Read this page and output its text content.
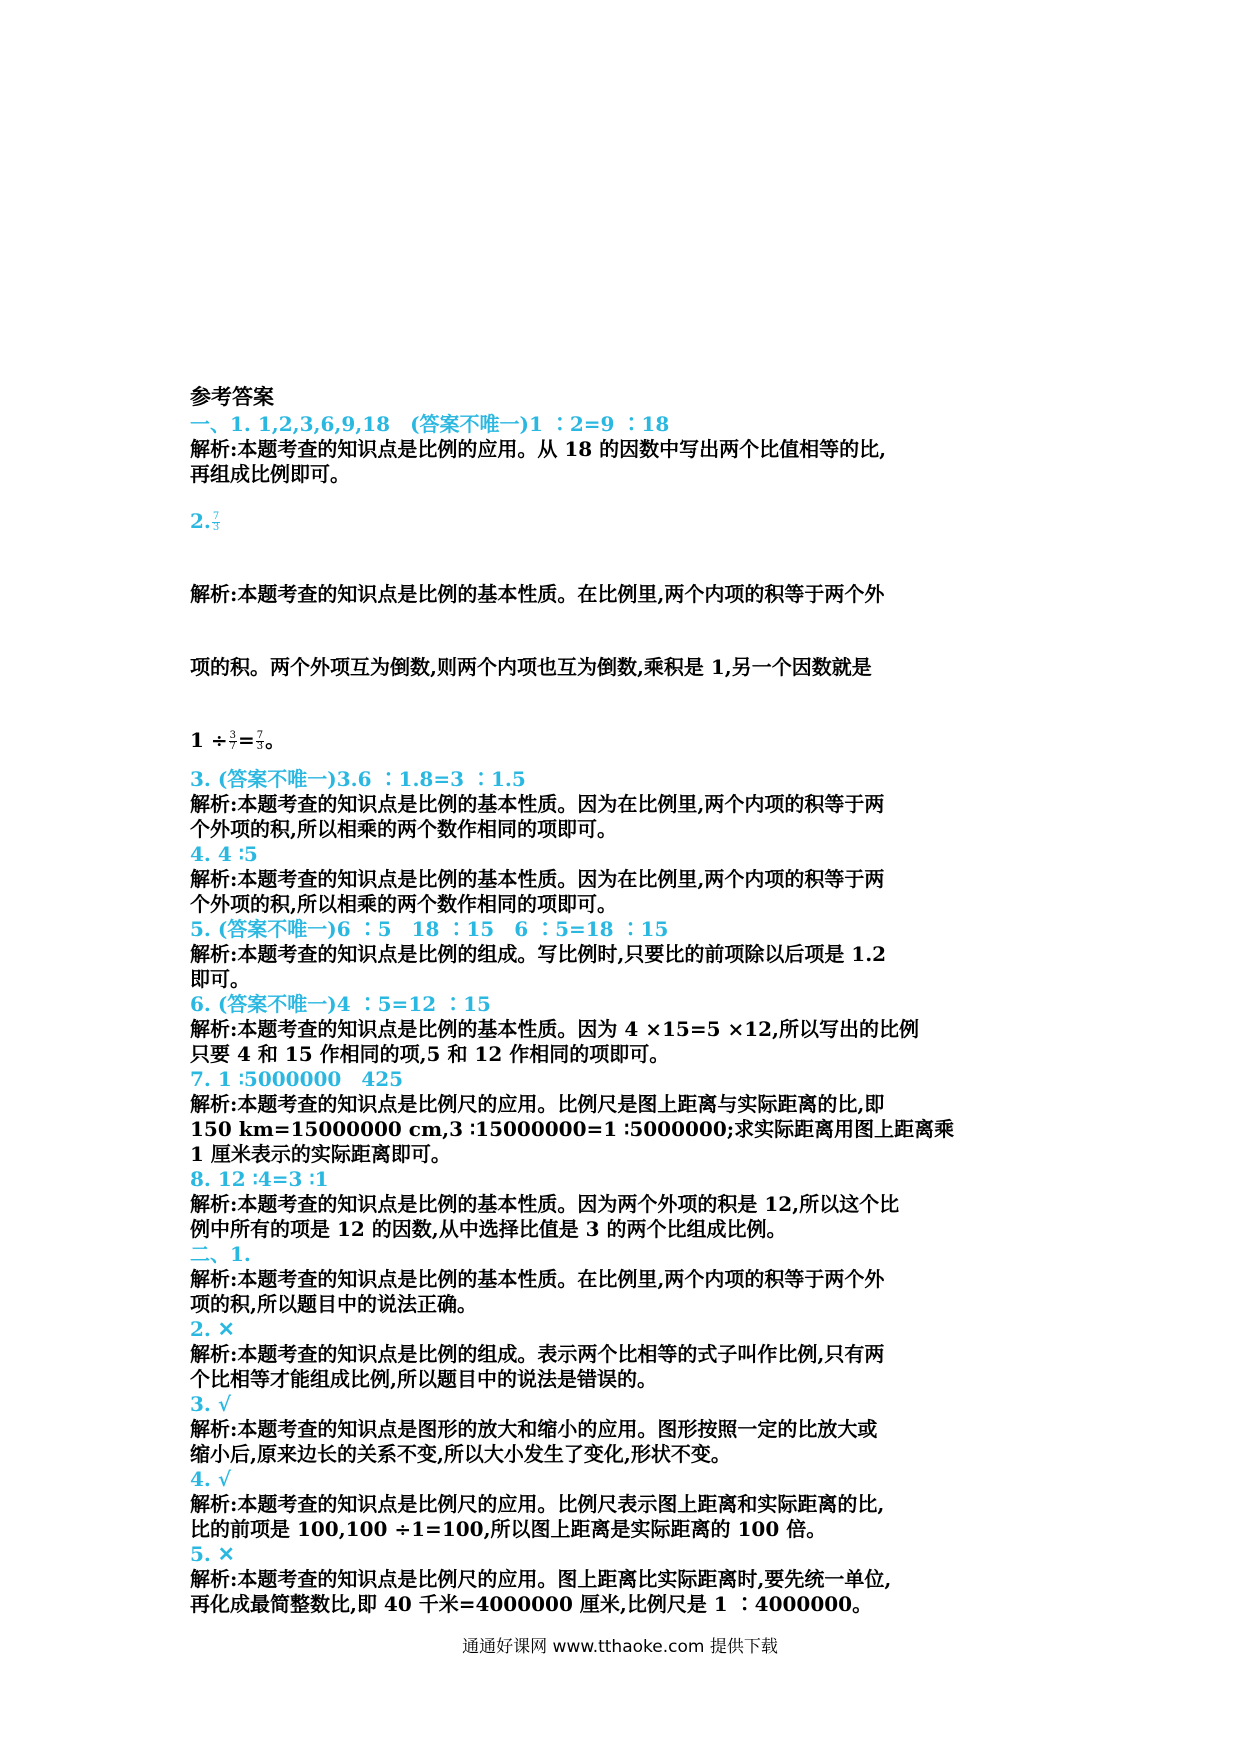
参考答案
一、1. 1,2,3,6,9,18　(答案不唯一)1 ∶2=9 ∶18
解析:本题考查的知识点是比例的应用。从 18 的因数中写出两个比值相等的比,
再组成比例即可。
2. $\frac{7}{3}$
解析:本题考查的知识点是比例的基本性质。在比例里,两个内项的积等于两个外
项的积。两个外项互为倒数,则两个内项也互为倒数,乘积是 1,另一个因数就是
$1 \div \frac{3}{7} = \frac{7}{3}$ 。
3. (答案不唯一)3.6 ∶1.8=3 ∶1.5
解析:本题考查的知识点是比例的基本性质。因为在比例里,两个内项的积等于两
个外项的积,所以相乘的两个数作相同的项即可。
4. 4 ∶5
解析:本题考查的知识点是比例的基本性质。因为在比例里,两个内项的积等于两
个外项的积,所以相乘的两个数作相同的项即可。
5. (答案不唯一)6 ∶5　18 ∶15　6 ∶5=18 ∶15
解析:本题考查的知识点是比例的组成。写比例时,只要比的前项除以后项是 1.2
即可。
6. (答案不唯一)4 ∶5=12 ∶15
解析:本题考查的知识点是比例的基本性质。因为 4 ×15=5 ×12,所以写出的比例
只要 4 和 15 作相同的项,5 和 12 作相同的项即可。
7. 1 ∶5000000　425
解析:本题考查的知识点是比例尺的应用。比例尺是图上距离与实际距离的比,即
150 km=15000000 cm,3 ∶15000000=1 ∶5000000;求实际距离用图上距离乘
1 厘米表示的实际距离即可。
8. 12 ∶4=3 ∶1
解析:本题考查的知识点是比例的基本性质。因为两个外项的积是 12,所以这个比
例中所有的项是 12 的因数,从中选择比值是 3 的两个比组成比例。
二、1.
解析:本题考查的知识点是比例的基本性质。在比例里,两个内项的积等于两个外
项的积,所以题目中的说法正确。
2. ✕
解析:本题考查的知识点是比例的组成。表示两个比相等的式子叫作比例,只有两
个比相等才能组成比例,所以题目中的说法是错误的。
3. √
解析:本题考查的知识点是图形的放大和缩小的应用。图形按照一定的比放大或
缩小后,原来边长的关系不变,所以大小发生了变化,形状不变。
4. √
解析:本题考查的知识点是比例尺的应用。比例尺表示图上距离和实际距离的比,
比的前项是 100,100 ÷1=100,所以图上距离是实际距离的 100 倍。
5. ✕
解析:本题考查的知识点是比例尺的应用。图上距离比实际距离时,要先统一单位,
再化成最简整数比,即 40 千米=4000000 厘米,比例尺是 1 ∶4000000。
通通好课网 www.tthaoke.com 提供下载
